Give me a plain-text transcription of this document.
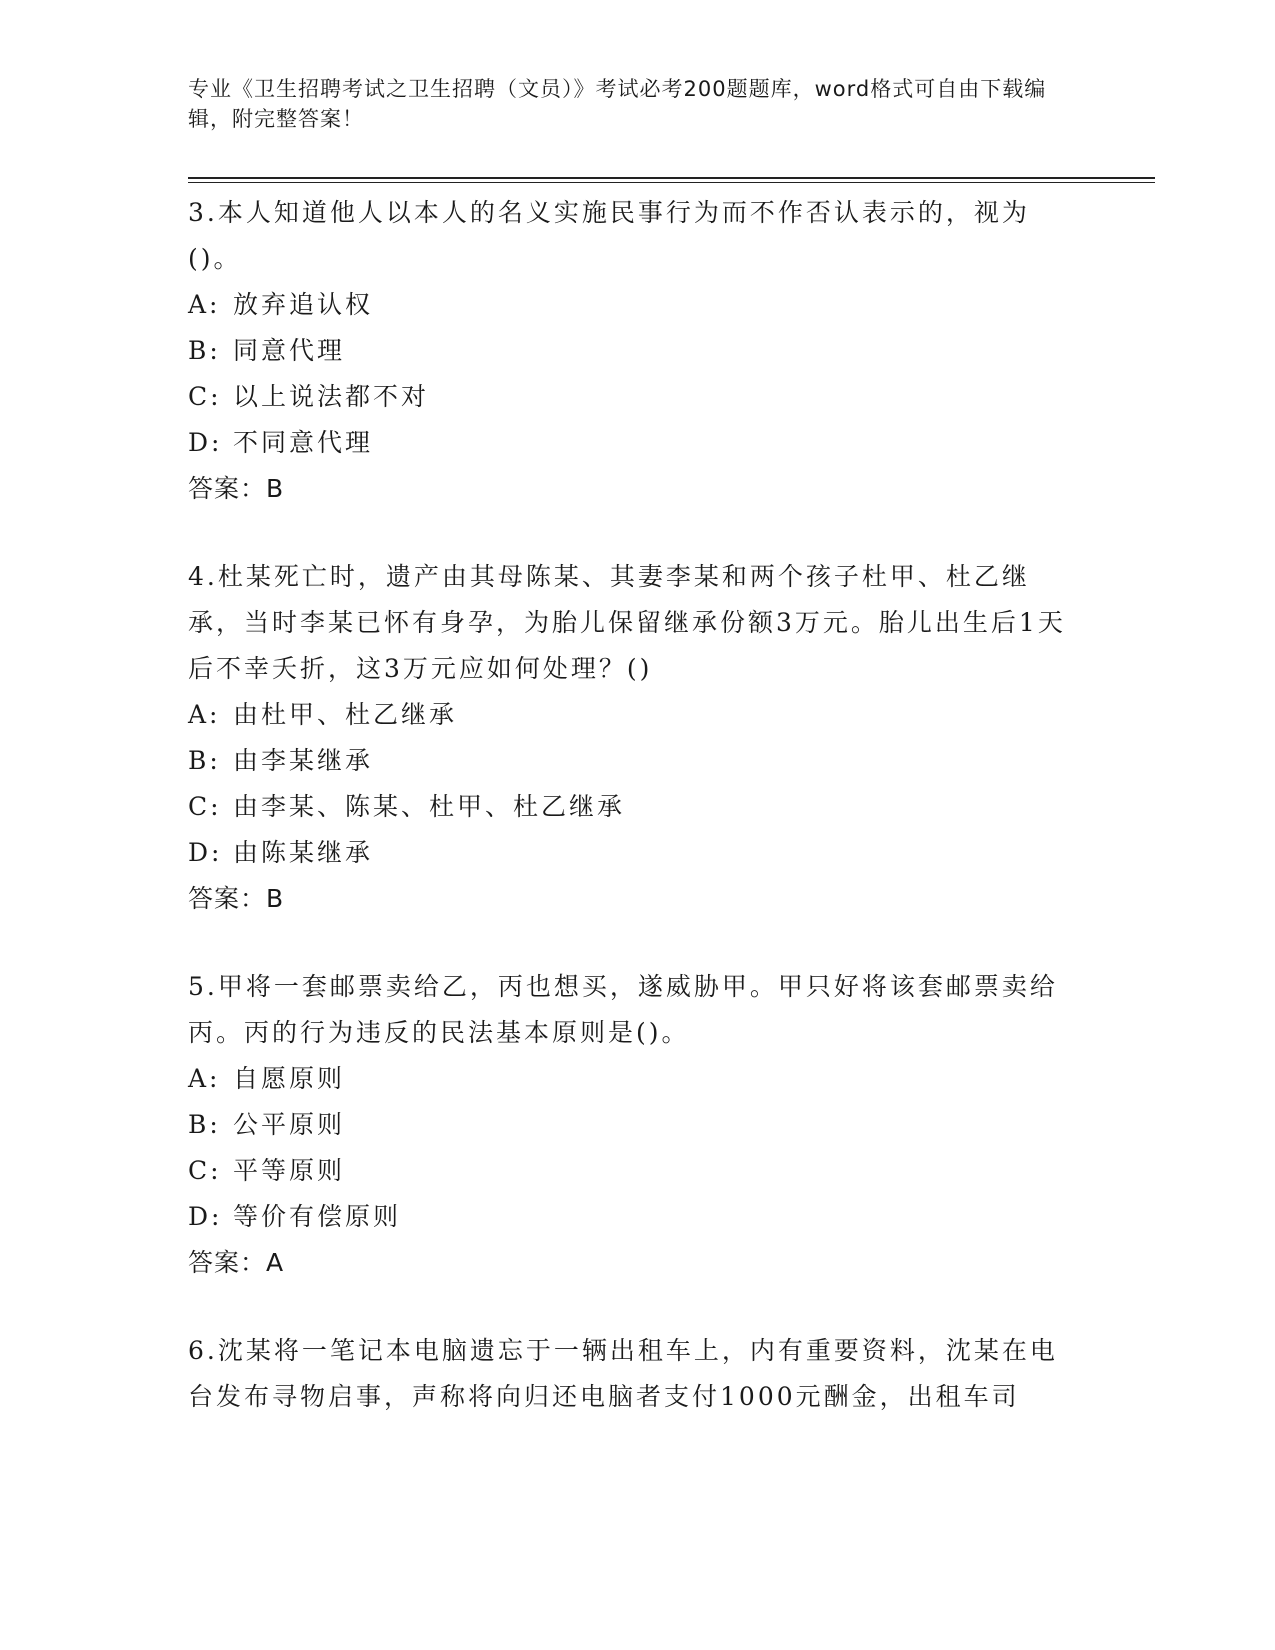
专业《卫生招聘考试之卫生招聘（文员）》考试必考200题题库，word格式可自由下载编辑，附完整答案！
3.本人知道他人以本人的名义实施民事行为而不作否认表示的，视为()。
A: 放弃追认权
B: 同意代理
C: 以上说法都不对
D: 不同意代理
答案：B
4.杜某死亡时，遗产由其母陈某、其妻李某和两个孩子杜甲、杜乙继承，当时李某已怀有身孕，为胎儿保留继承份额3万元。胎儿出生后1天后不幸夭折，这3万元应如何处理？()
A: 由杜甲、杜乙继承
B: 由李某继承
C: 由李某、陈某、杜甲、杜乙继承
D: 由陈某继承
答案：B
5.甲将一套邮票卖给乙，丙也想买，遂威胁甲。甲只好将该套邮票卖给丙。丙的行为违反的民法基本原则是()。
A: 自愿原则
B: 公平原则
C: 平等原则
D: 等价有偿原则
答案：A
6.沈某将一笔记本电脑遗忘于一辆出租车上，内有重要资料，沈某在电台发布寻物启事，声称将向归还电脑者支付1000元酬金，出租车司
